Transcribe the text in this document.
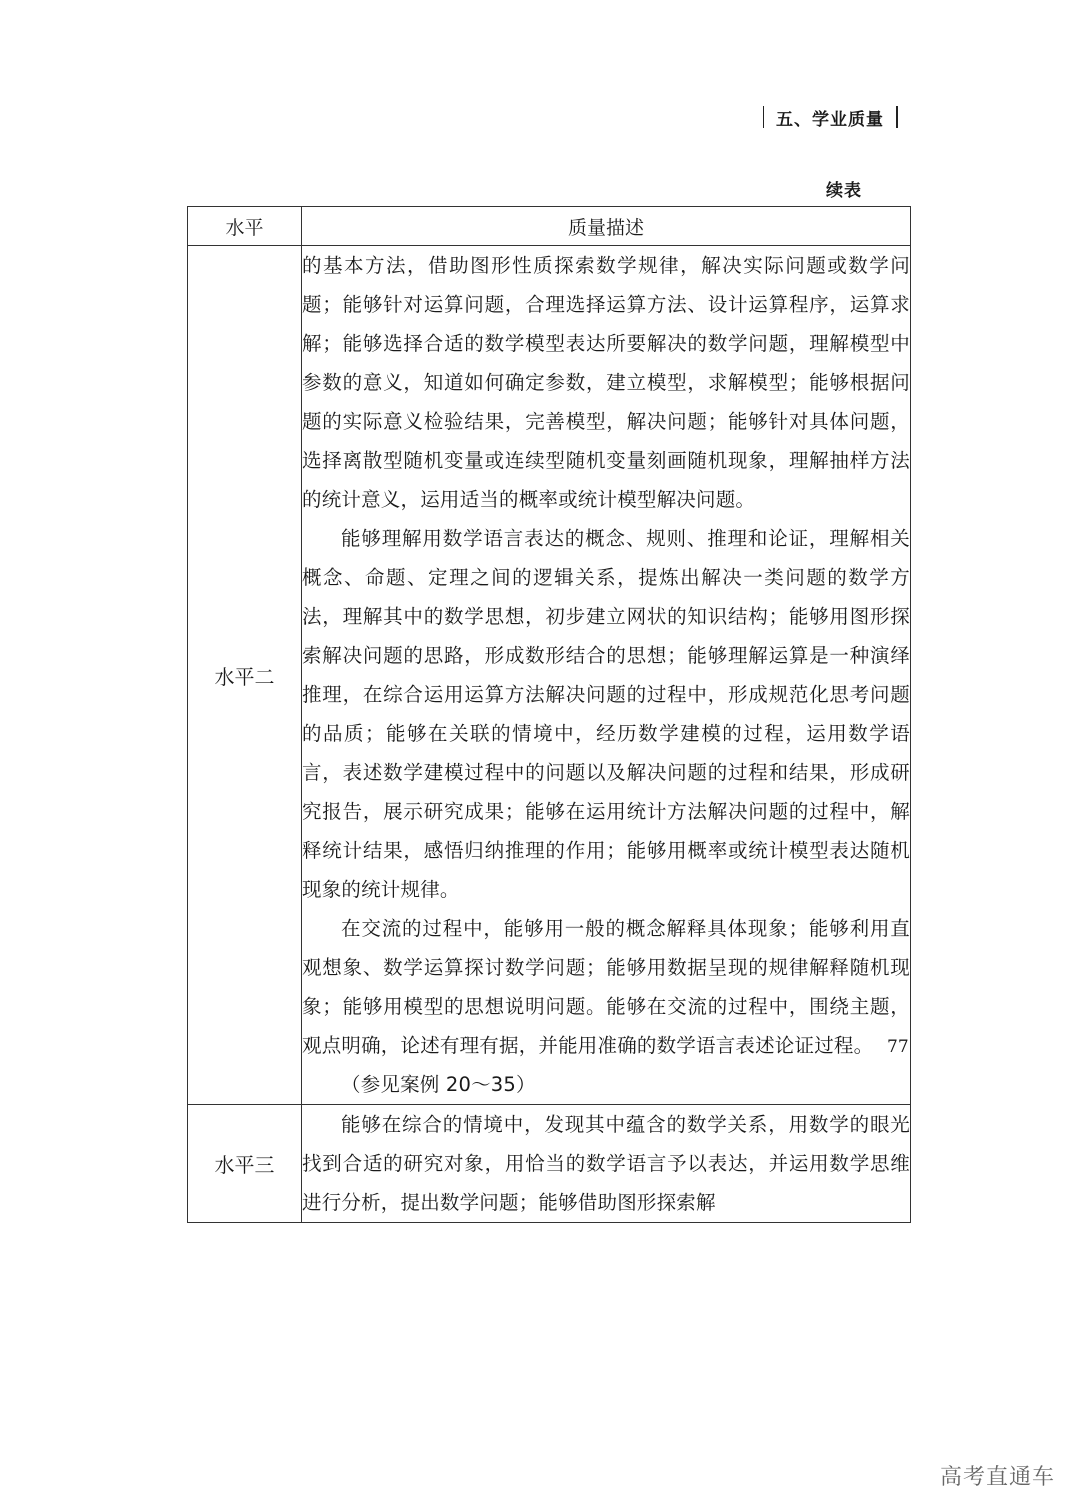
五、学业质量
续表
水平	质量描述
水平二	的基本方法，借助图形性质探索数学规律，解决实际问题或数学问题；能够针对运算问题，合理选择运算方法、设计运算程序，运算求解；能够选择合适的数学模型表达所要解决的数学问题，理解模型中参数的意义，知道如何确定参数，建立模型，求解模型；能够根据问题的实际意义检验结果，完善模型，解决问题；能够针对具体问题，选择离散型随机变量或连续型随机变量刻画随机现象，理解抽样方法的统计意义，运用适当的概率或统计模型解决问题。

能够理解用数学语言表达的概念、规则、推理和论证，理解相关概念、命题、定理之间的逻辑关系，提炼出解决一类问题的数学方法，理解其中的数学思想，初步建立网状的知识结构；能够用图形探索解决问题的思路，形成数形结合的思想；能够理解运算是一种演绎推理，在综合运用运算方法解决问题的过程中，形成规范化思考问题的品质；能够在关联的情境中，经历数学建模的过程，运用数学语言，表述数学建模过程中的问题以及解决问题的过程和结果，形成研究报告，展示研究成果；能够在运用统计方法解决问题的过程中，解释统计结果，感悟归纳推理的作用；能够用概率或统计模型表达随机现象的统计规律。

在交流的过程中，能够用一般的概念解释具体现象；能够利用直观想象、数学运算探讨数学问题；能够用数据呈现的规律解释随机现象；能够用模型的思想说明问题。能够在交流的过程中，围绕主题，观点明确，论述有理有据，并能用准确的数学语言表述论证过程。

（参见案例 20～35）

水平三	能够在综合的情境中，发现其中蕴含的数学关系，用数学的眼光找到合适的研究对象，用恰当的数学语言予以表达，并运用数学思维进行分析，提出数学问题；能够借助图形探索解

77
高考直通车
